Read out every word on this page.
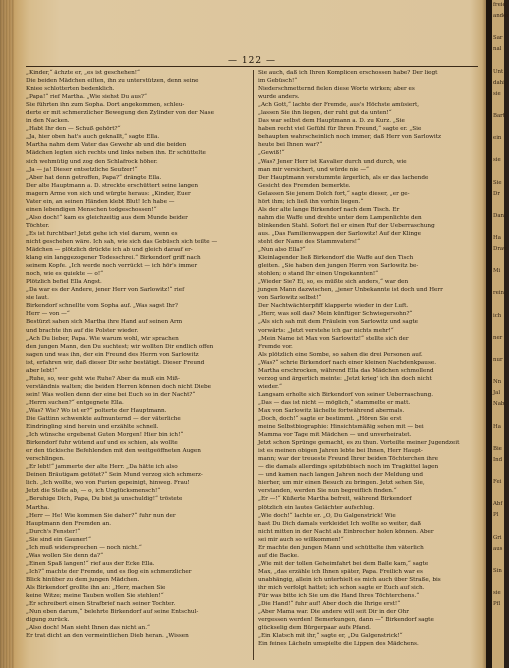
— 122 —

„Kinder,“ ächzte er, „es ist geschehen!“

Die beiden Mädchen eilten, ihn zu unterstützen, denn seine

Kniee schlotterten bedenklich.

„Papa!“ rief Martha. „Wie siehst Du aus?“

Sie führten ihn zum Sopha. Dort angekommen, schleu-

derte er mit schmerzlicher Bewegung den Zylinder von der Nase

in den Nacken.

„Habt Ihr den — Schuß gehört?“

„Ja, hier oben hat's auch geknallt,“ sagte Ella.

Martha nahm dem Vater das Gewehr ab und die beiden

Mädchen legten sich rechts und links neben ihn. Er schüttelte

sich wehmütig und zog den Schlafrock höher.

„Ja — ja! Dieser entsetzliche Seufzer!“

„Aber hat denn getroffen, Papa?“ drängte Ella.

Der alte Hauptmann a. D. streckte erschüttert seine langen

magern Arme von sich und würgte heraus: „Kinder, Euer

Vater ein, an seinen Händen klebt Blut! Ich habe —

einen lebendigen Menschen todgeschossen!“

„Also doch!“ kam es gleichzeitig aus dem Munde beider

Töchter.

„Es ist furchtbar! Jetzt gehe ich viel darum, wenn es

nicht geschehen wäre. Ich sah, wie sich das Gebüsch sich teilte —

Mädchen — plötzlich drückte ich ab und gleich darauf er-

klang ein langgezogener Todesschrei.“ Birkendorf griff nach

seinem Kopfe. „Ich werde noch verrückt — ich hör's immer

noch, wie es quiekte — o!“

Plötzlich befiel Ella Angst.

„Da war es der Andere, jener Herr von Sarlowitz!“ rief

sie laut.

Birkendorf schnellte vom Sopha auf. „Was sagst Ihr?

Herr — von —“

Bestürzt sahen sich Martha ihre Hand auf seinen Arm

und brachte ihn auf die Polster wieder.

„Ach Du lieber, Papa. Wie warum wohl, wir sprachen

den jungen Mann, den Du suchtest; wir wollten Dir endlich offen

sagen und was ihn, der ein Freund des Herrn von Sarlowitz

ist, erfahren wir, daß dieser Dir sehr bestätigt. Dieser Freund

aber lebt!“

„Ruhe, so, wer geht wie Ruhe? Aber da muß ein Miß-

verständnis walten; die beiden Herren können doch nicht Diebe

sein! Was wollen denn der eine bei Euch so in der Nacht?“

„Herrn suchen?“ entgegnete Ella.

„Was? Wie? Wo ist er?“ polterte der Hauptmann.

Die Gattinn schwenkte aufmunternd — der väterliche

Eindringling sind herein und erzählte schnell.

„Ich wünsche ergebenst Guten Morgen! Hier bin ich!“

Birkendorf fuhr wütend auf und es schien, als wollte

er den tückische Befehlenden mit den weitgeöffneten Augen

verschlingen.

„Er lebt!“ jammerte der alte Herr. „Da hätte ich also

Deinen Bräutigam getötet?“ Sein Mund verzog sich schmerz-

lich. „Ich wollte, wo von Furien gepeinigt, hinweg. Frau!

Jetzt die Stelle ab, — o, ich Unglücksmensch!“

„Beruhige Dich, Papa, Du bist ja unschuldig!“ tröstete

Martha.

„Herr — He! Wie kommen Sie daher?“ fuhr nun der

Hauptmann den Fremden an.

„Durch's Fenster!“

„Sie sind ein Gauner!“

„Ich muß widersprechen — noch nicht.“

„Was wollen Sie denn da?“

„Einen Spaß langen!“ rief aus der Ecke Ella.

„Ich?“ machte der Fremde, und es flog ein schmerzlicher

Blick hinüber zu dem jungen Mädchen.

Als Birkendorf grollte ihn an: „Herr, machen Sie

keine Witze; meine Tauben wollen Sie stehlen!“

„Er schreibert einen Strafbrief nach seiner Tochter.

„Nun eben darum,“ belehrte Birkendorf auf seine Entschul-

digung zurück.

„Also doch! Man sieht Ihnen das nicht an.“

Er trat dicht an den vermeintlichen Dieb heran. „Wissen

Sie auch, daß ich Ihren Komplicen erschossen habe? Der liegt

im Gebüsch!“

Niederschmetternd fielen diese Worte wirken; aber es

wurde anders.

„Ach Gott,“ lachte der Fremde, aus's Höchste amüsiert,

„lassen Sie ihn liegen, der ruht gut da unten!“

Das war selbst dem Hauptmann a. D. zu Kurz. „Sie

haben recht viel Gefühl für Ihren Freund,“ sagte er. „Sie

behaupten wahrscheinlich noch immer, daß Herr von Sarlowitz

heute bei Ihnen war?“

„Gewiß!“

„Was? Jener Herr ist Kavalier durch und durch, wie

man mir versichert, und würde nie —“

Der Hauptmann verstummte ärgerlich, als er das lachende

Gesicht des Fremden bemerkte.

Gelassen Sie jenem Dolch fort,“ sagte dieser, „er ge-

hört ihm; ich ließ ihn vorhin liegen.“

Als der alte lange Birkendorf nach dem Tisch. Er

nahm die Waffe und drehte unter dem Lampenlichte den

blinkenden Stahl. Sofort fiel er einen Ruf der Ueberraschung

aus. „Das Familienwappen der Sarlowitz! Auf der Klinge

steht der Name des Stammvaters!“

„Nun also Ella?“

Kleinlagender ließ Birkendorf die Waffe auf den Tisch

gleiten. „Sie haben den jungen Herrn von Sarlowitz be-

stohlen; o stand Ihr einen Ungekannten!“

„Wieder Sie? Ei, so, es müßte sich anders,“ war den

jungen Mann dazwischen, „jener Unbekannte ist doch und Herr

von Sarlowitz selbst!“

Der Nachtwächterpfiff klapperte wieder in der Luft.

„Herr, was soll das? Mein künftiger Schwiegersohn?“

„Als sich sah mit dem Fräulein von Sarlowitz und sagte

vorwärts: „Jetzt verstehe ich gar nichts mehr!“

„Mein Name ist Max von Sarlowitz!“ stellte sich der

Fremde vor.

Als plötzlich eine Sombe, so sahen die drei Personen auf.

„Was?“ schrie Birkendorf nach einer kleinen Nachdenkpause.

Martha erschrocken, während Ella das Mädchen schmollend

verzog und ärgerlich meinte: „Jetzt krieg' ich ihn doch nicht

wieder.“

Langsam erholte sich Birkendorf von seiner Ueberraschung.

„Das — das ist nicht — möglich,“ stammelte er matt.

Max von Sarlowitz lächelte fortwährend abermals.

„Doch, doch!“ sagte er bestimmt. „Hören Sie erst

meine Selbstbiographie: Hinsichtsmäßig sehen mit — bei

Mamma vor Tage mit Mädchen — und unverheiratet.

Jetzt schon Sprünge gemacht, es zu thun. Vorteilte meiner Jugendzeit

ist es meinen obigen Jahren lebte bei Ihnen, Herr Haupt-

mann; war der treueste Freund Ihrer beiden Töchterchen ihre

— die damals allerdings spitzbübisch noch im Tragkittel lagen

— und kamen nach langen Jahren noch der Meldung und

hierher, um mir einen Besuch zu bringen. Jetzt sehen Sie,

verstanden, werden Sie nun begreiflich finden.“

„Er —!“ Küßerte Martha befreit, während Birkendorf

plötzlich ein lautes Gelächter aufschlug.

„Wie doch!“ lachte er. „O, Du Galgenstrick! Wie

hast Du Dich damals verkleidet Ich wollte so weiter, daß

nicht mitten in der Nacht als Einbrecher holen können. Aber

sei mir auch so willkommen!“

Er machte den jungen Mann und schüttelte ihm väterlich

auf die Backe.

„Wie mit der tollen Geheimfahrt bei dem Balle kam,“ sagte

Max, „das erzähle ich Ihnen später, Papa. Freilich war es

unabhängig, allein ich unterhielt es mich auch über Straße, bis

ihr mich verfolgt hattet; ich schon sagte er Euch auf sich.

Für was bitte ich Sie um die Hand Ihres Töchterchens.“

„Die Hand!“ fuhr auf! Aber doch die Ihrige erst!“

„Aber Mama war. Die andere will seit Dir in der Ohr

vergessen werden! Bemerkungen, dann —“ Birkendorf sagte

glückselig dem Bürgerpaar aufs Pfand.

„Ein Klatsch mit ihr,“ sagte er, „Du Galgenstrick!“

Ein feines Lächeln umspielte die Lippen des Mädchens.

freie
ander

Sar
nal

Unt
dahi
sie

Bart

ein

sie

Sie
Dr

Dan

Ha
Drau

Mi

rein

ich

ner

nur

Nn
Jal
Nab

Ha

Bie
Ind

Fei

Abf
Pl

Gri
aus

Sin

sie
Pfl
